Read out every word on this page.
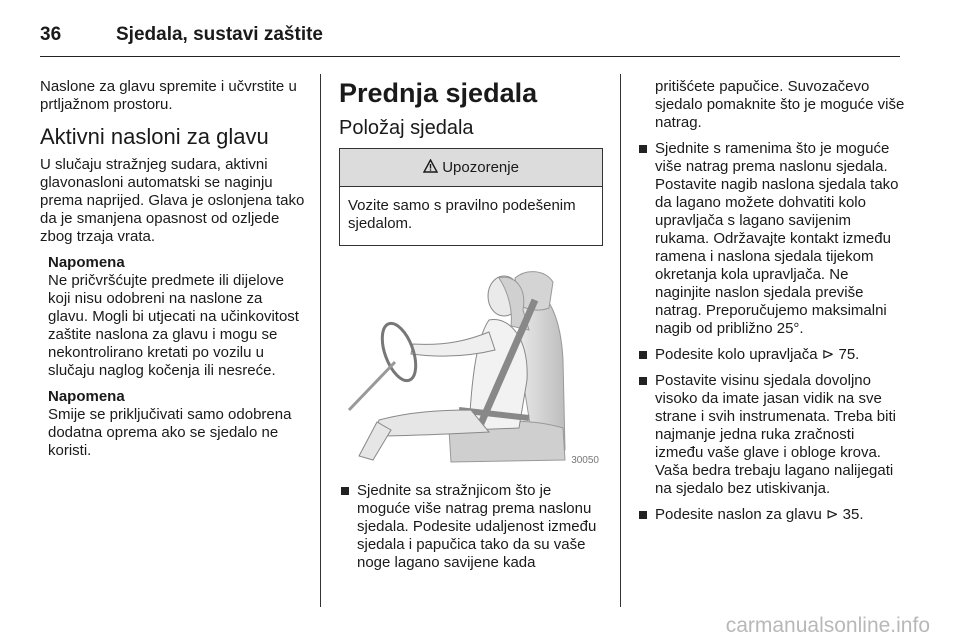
36	Sjedala, sustavi zaštite

Naslone za glavu spremite i učvrstite u prtljažnom prostoru.

Aktivni nasloni za glavu

U slučaju stražnjeg sudara, aktivni glavonasloni automatski se naginju prema naprijed. Glava je oslonjena tako da je smanjena opasnost od ozljede zbog trzaja vrata.

Napomena

Ne pričvršćujte predmete ili dijelove koji nisu odobreni na naslone za glavu. Mogli bi utjecati na učinkovitost zaštite naslona za glavu i mogu se nekontrolirano kretati po vozilu u slučaju naglog kočenja ili nesreće.

Napomena

Smije se priključivati samo odobrena dodatna oprema ako se sjedalo ne koristi.

Prednja sjedala
Položaj sjedala
Upozorenje
Vozite samo s pravilno podešenim sjedalom.
30050
Sjednite sa stražnjicom što je moguće više natrag prema naslonu sjedala. Podesite udaljenost između sjedala i papučica tako da su vaše noge lagano savijene kada

pritišćete papučice. Suvozačevo sjedalo pomaknite što je moguće više natrag.

Sjednite s ramenima što je moguće više natrag prema naslonu sjedala. Postavite nagib naslona sjedala tako da lagano možete dohvatiti kolo upravljača s lagano savijenim rukama. Održavajte kontakt između ramena i naslona sjedala tijekom okretanja kola upravljača. Ne naginjite naslon sjedala previše natrag. Preporučujemo maksimalni nagib od približno 25°.
Podesite kolo upravljača ⊳ 75.
Postavite visinu sjedala dovoljno visoko da imate jasan vidik na sve strane i svih instrumenata. Treba biti najmanje jedna ruka zračnosti između vaše glave i obloge krova. Vaša bedra trebaju lagano nalijegati na sjedalo bez utiskivanja.
Podesite naslon za glavu ⊳ 35.
carmanualsonline.info
